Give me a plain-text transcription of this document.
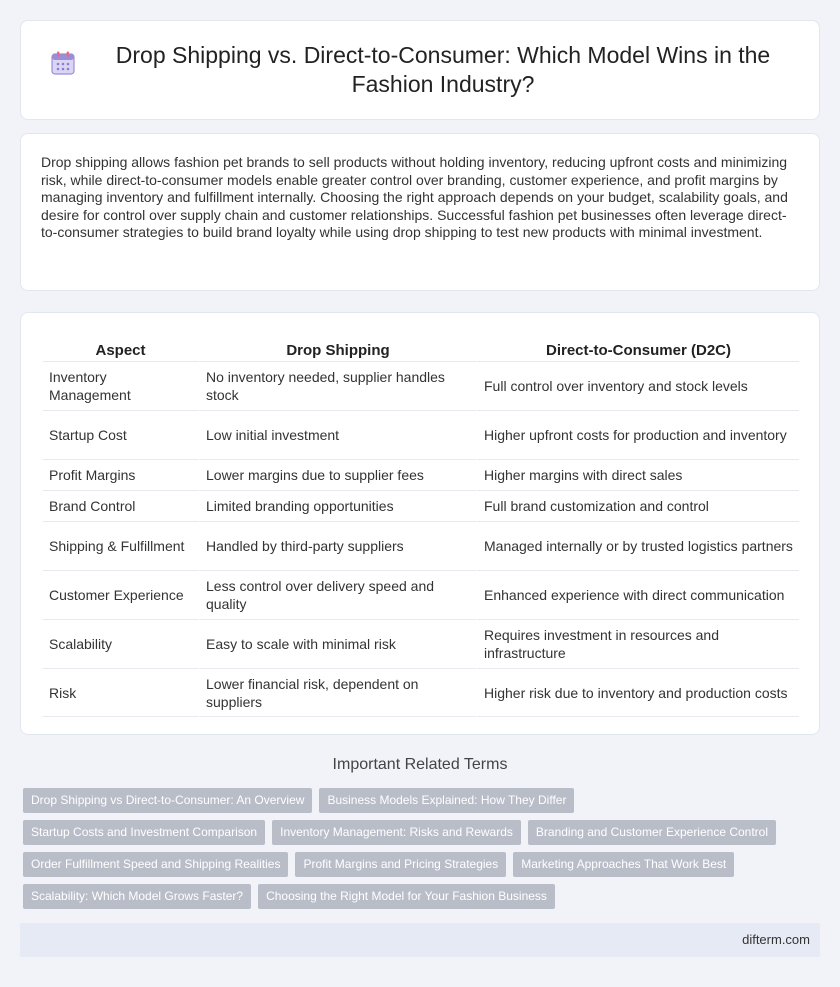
Drop Shipping vs. Direct-to-Consumer: Which Model Wins in the Fashion Industry?

Drop shipping allows fashion pet brands to sell products without holding inventory, reducing upfront costs and minimizing risk, while direct-to-consumer models enable greater control over branding, customer experience, and profit margins by managing inventory and fulfillment internally. Choosing the right approach depends on your budget, scalability goals, and desire for control over supply chain and customer relationships. Successful fashion pet businesses often leverage direct-to-consumer strategies to build brand loyalty while using drop shipping to test new products with minimal investment.

Aspect	Drop Shipping	Direct-to-Consumer (D2C)
Inventory Management	No inventory needed, supplier handles stock	Full control over inventory and stock levels
Startup Cost	Low initial investment	Higher upfront costs for production and inventory
Profit Margins	Lower margins due to supplier fees	Higher margins with direct sales
Brand Control	Limited branding opportunities	Full brand customization and control
Shipping & Fulfillment	Handled by third-party suppliers	Managed internally or by trusted logistics partners
Customer Experience	Less control over delivery speed and quality	Enhanced experience with direct communication
Scalability	Easy to scale with minimal risk	Requires investment in resources and infrastructure
Risk	Lower financial risk, dependent on suppliers	Higher risk due to inventory and production costs
Important Related Terms
Drop Shipping vs Direct-to-Consumer: An Overview	Business Models Explained: How They Differ
Startup Costs and Investment Comparison	Inventory Management: Risks and Rewards	Branding and Customer Experience Control
Order Fulfillment Speed and Shipping Realities	Profit Margins and Pricing Strategies	Marketing Approaches That Work Best
Scalability: Which Model Grows Faster?	Choosing the Right Model for Your Fashion Business
difterm.com
